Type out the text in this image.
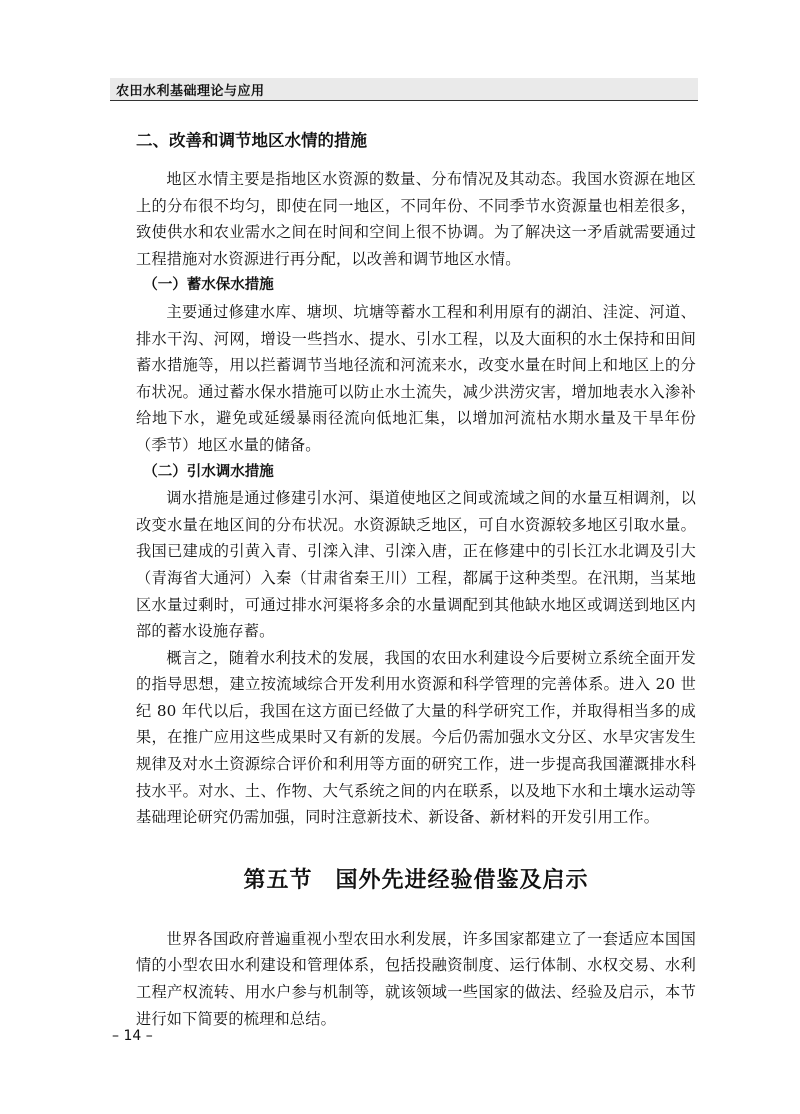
农田水利基础理论与应用
二、改善和调节地区水情的措施

地区水情主要是指地区水资源的数量、分布情况及其动态。我国水资源在地区上的分布很不均匀，即使在同一地区，不同年份、不同季节水资源量也相差很多，致使供水和农业需水之间在时间和空间上很不协调。为了解决这一矛盾就需要通过工程措施对水资源进行再分配，以改善和调节地区水情。

（一）蓄水保水措施

主要通过修建水库、塘坝、坑塘等蓄水工程和利用原有的湖泊、洼淀、河道、排水干沟、河网，增设一些挡水、提水、引水工程，以及大面积的水土保持和田间蓄水措施等，用以拦蓄调节当地径流和河流来水，改变水量在时间上和地区上的分布状况。通过蓄水保水措施可以防止水土流失，减少洪涝灾害，增加地表水入渗补给地下水，避免或延缓暴雨径流向低地汇集，以增加河流枯水期水量及干旱年份（季节）地区水量的储备。

（二）引水调水措施

调水措施是通过修建引水河、渠道使地区之间或流域之间的水量互相调剂，以改变水量在地区间的分布状况。水资源缺乏地区，可自水资源较多地区引取水量。我国已建成的引黄入青、引滦入津、引滦入唐，正在修建中的引长江水北调及引大（青海省大通河）入秦（甘肃省秦王川）工程，都属于这种类型。在汛期，当某地区水量过剩时，可通过排水河渠将多余的水量调配到其他缺水地区或调送到地区内部的蓄水设施存蓄。

概言之，随着水利技术的发展，我国的农田水利建设今后要树立系统全面开发的指导思想，建立按流域综合开发利用水资源和科学管理的完善体系。进入 20 世纪 80 年代以后，我国在这方面已经做了大量的科学研究工作，并取得相当多的成果，在推广应用这些成果时又有新的发展。今后仍需加强水文分区、水旱灾害发生规律及对水土资源综合评价和利用等方面的研究工作，进一步提高我国灌溉排水科技水平。对水、土、作物、大气系统之间的内在联系，以及地下水和土壤水运动等基础理论研究仍需加强，同时注意新技术、新设备、新材料的开发引用工作。

第五节　国外先进经验借鉴及启示

世界各国政府普遍重视小型农田水利发展，许多国家都建立了一套适应本国国情的小型农田水利建设和管理体系，包括投融资制度、运行体制、水权交易、水利工程产权流转、用水户参与机制等，就该领域一些国家的做法、经验及启示，本节进行如下简要的梳理和总结。

– 14 –
